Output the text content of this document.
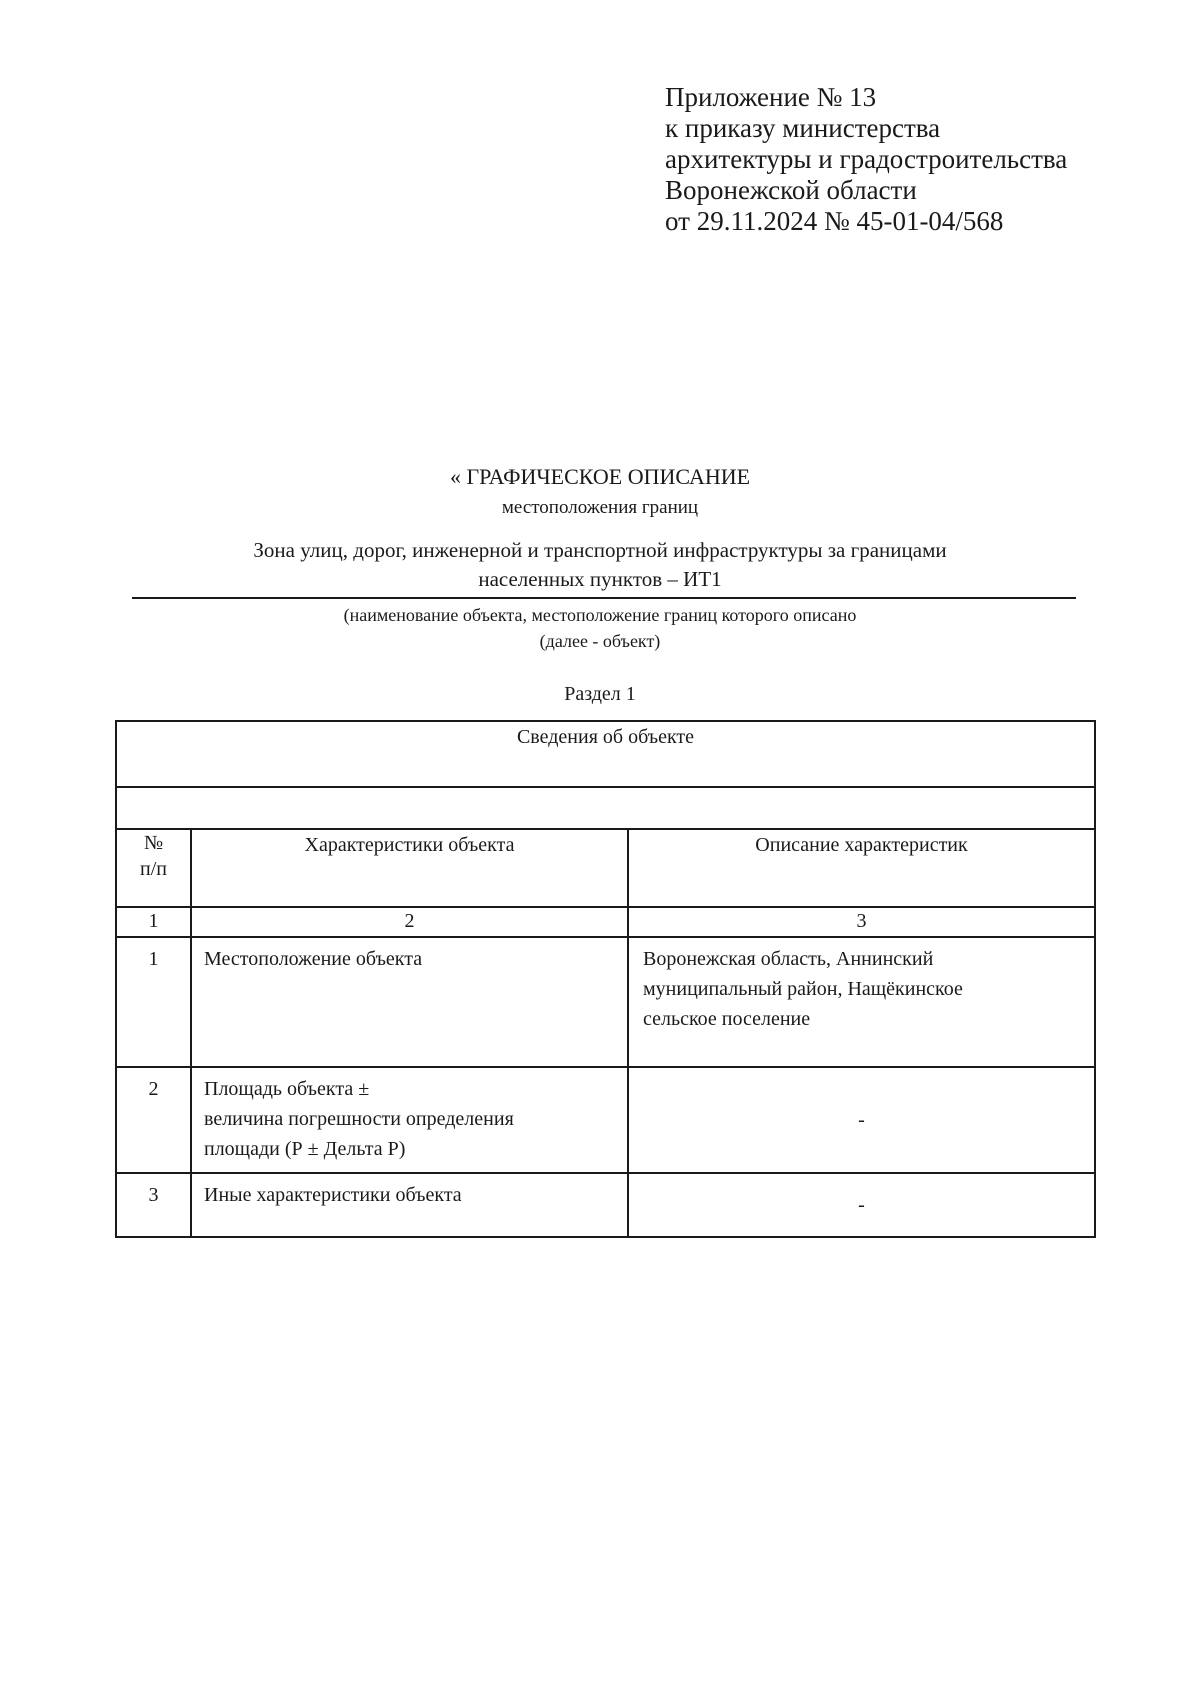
Приложение № 13
к приказу министерства
архитектуры и градостроительства
Воронежской области
от 29.11.2024 № 45-01-04/568
« ГРАФИЧЕСКОЕ ОПИСАНИЕ
местоположения границ
Зона улиц, дорог, инженерной и транспортной инфраструктуры за границами
населенных пунктов – ИТ1
(наименование объекта, местоположение границ которого описано
(далее - объект)
Раздел 1
Сведения об объекте		

№
п/п	Характеристики объекта	Описание характеристик
1	2	3
1	Местоположение объекта	Воронежская область, Аннинский
муниципальный район, Нащёкинское
сельское поселение

2	Площадь объекта ±
величина погрешности определения
площади (Р ± Дельта Р)	-
3	Иные характеристики объекта	-
